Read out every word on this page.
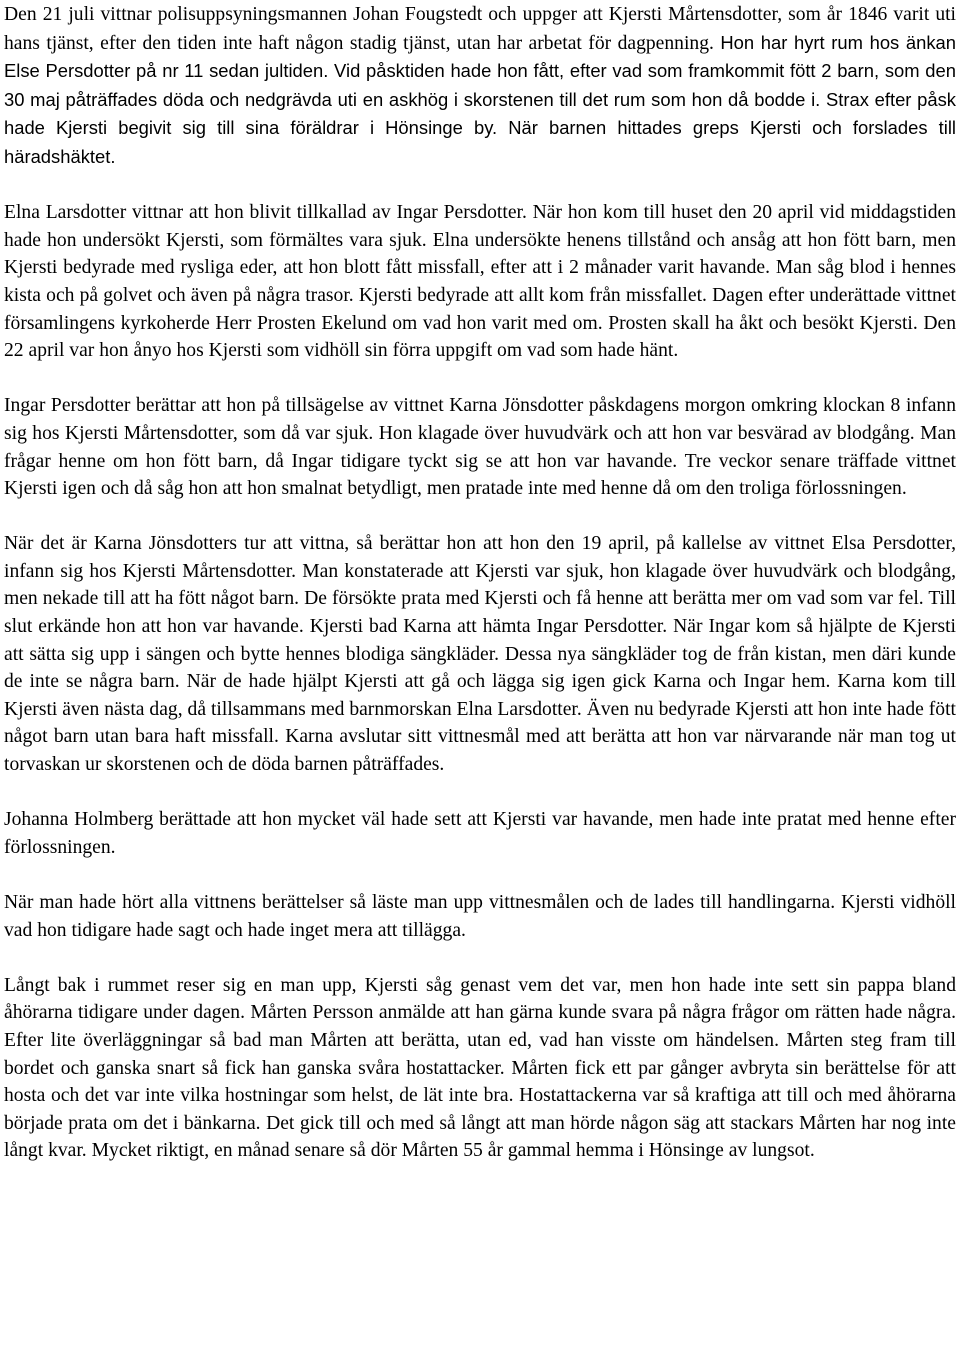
Den 21 juli vittnar polisuppsyningsmannen Johan Fougstedt och uppger att Kjersti Mårtensdotter, som år 1846 varit uti hans tjänst, efter den tiden inte haft någon stadig tjänst, utan har arbetat för dagpenning. Hon har hyrt rum hos änkan Else Persdotter på nr 11 sedan jultiden. Vid påsktiden hade hon fått, efter vad som framkommit fött 2 barn, som den 30 maj påträffades döda och nedgrävda uti en askhög i skorstenen till det rum som hon då bodde i. Strax efter påsk hade Kjersti begivit sig till sina föräldrar i Hönsinge by. När barnen hittades greps Kjersti och forslades till häradshäktet.

Elna Larsdotter vittnar att hon blivit tillkallad av Ingar Persdotter. När hon kom till huset den 20 april vid middagstiden hade hon undersökt Kjersti, som förmältes vara sjuk. Elna undersökte henens tillstånd och ansåg att hon fött barn, men Kjersti bedyrade med rysliga eder, att hon blott fått missfall, efter att i 2 månader varit havande. Man såg blod i hennes kista och på golvet och även på några trasor. Kjersti bedyrade att allt kom från missfallet. Dagen efter underättade vittnet församlingens kyrkoherde Herr Prosten Ekelund om vad hon varit med om. Prosten skall ha åkt och besökt Kjersti. Den 22 april var hon ånyo hos Kjersti som vidhöll sin förra uppgift om vad som hade hänt.

Ingar Persdotter berättar att hon på tillsägelse av vittnet Karna Jönsdotter påskdagens morgon omkring klockan 8 infann sig hos Kjersti Mårtensdotter, som då var sjuk. Hon klagade över huvudvärk och att hon var besvärad av blodgång. Man frågar henne om hon fött barn, då Ingar tidigare tyckt sig se att hon var havande. Tre veckor senare träffade vittnet Kjersti igen och då såg hon att hon smalnat betydligt, men pratade inte med henne då om den troliga förlossningen.

När det är Karna Jönsdotters tur att vittna, så berättar hon att hon den 19 april, på kallelse av vittnet Elsa Persdotter, infann sig hos Kjersti Mårtensdotter. Man konstaterade att Kjersti var sjuk, hon klagade över huvudvärk och blodgång, men nekade till att ha fött något barn. De försökte prata med Kjersti och få henne att berätta mer om vad som var fel. Till slut erkände hon att hon var havande. Kjersti bad Karna att hämta Ingar Persdotter. När Ingar kom så hjälpte de Kjersti att sätta sig upp i sängen och bytte hennes blodiga sängkläder. Dessa nya sängkläder tog de från kistan, men däri kunde de inte se några barn. När de hade hjälpt Kjersti att gå och lägga sig igen gick Karna och Ingar hem. Karna kom till Kjersti även nästa dag, då tillsammans med barnmorskan Elna Larsdotter. Även nu bedyrade Kjersti att hon inte hade fött något barn utan bara haft missfall. Karna avslutar sitt vittnesmål med att berätta att hon var närvarande när man tog ut torvaskan ur skorstenen och de döda barnen påträffades.

Johanna Holmberg berättade att hon mycket väl hade sett att Kjersti var havande, men hade inte pratat med henne efter förlossningen.

När man hade hört alla vittnens berättelser så läste man upp vittnesmålen och de lades till handlingarna. Kjersti vidhöll vad hon tidigare hade sagt och hade inget mera att tillägga.

Långt bak i rummet reser sig en man upp, Kjersti såg genast vem det var, men hon hade inte sett sin pappa bland åhörarna tidigare under dagen. Mårten Persson anmälde att han gärna kunde svara på några frågor om rätten hade några. Efter lite överläggningar så bad man Mårten att berätta, utan ed, vad han visste om händelsen. Mårten steg fram till bordet och ganska snart så fick han ganska svåra hostattacker. Mårten fick ett par gånger avbryta sin berättelse för att hosta och det var inte vilka hostningar som helst, de lät inte bra. Hostattackerna var så kraftiga att till och med åhörarna började prata om det i bänkarna. Det gick till och med så långt att man hörde någon säg att stackars Mårten har nog inte långt kvar. Mycket riktigt, en månad senare så dör Mårten 55 år gammal hemma i Hönsinge av lungsot.
